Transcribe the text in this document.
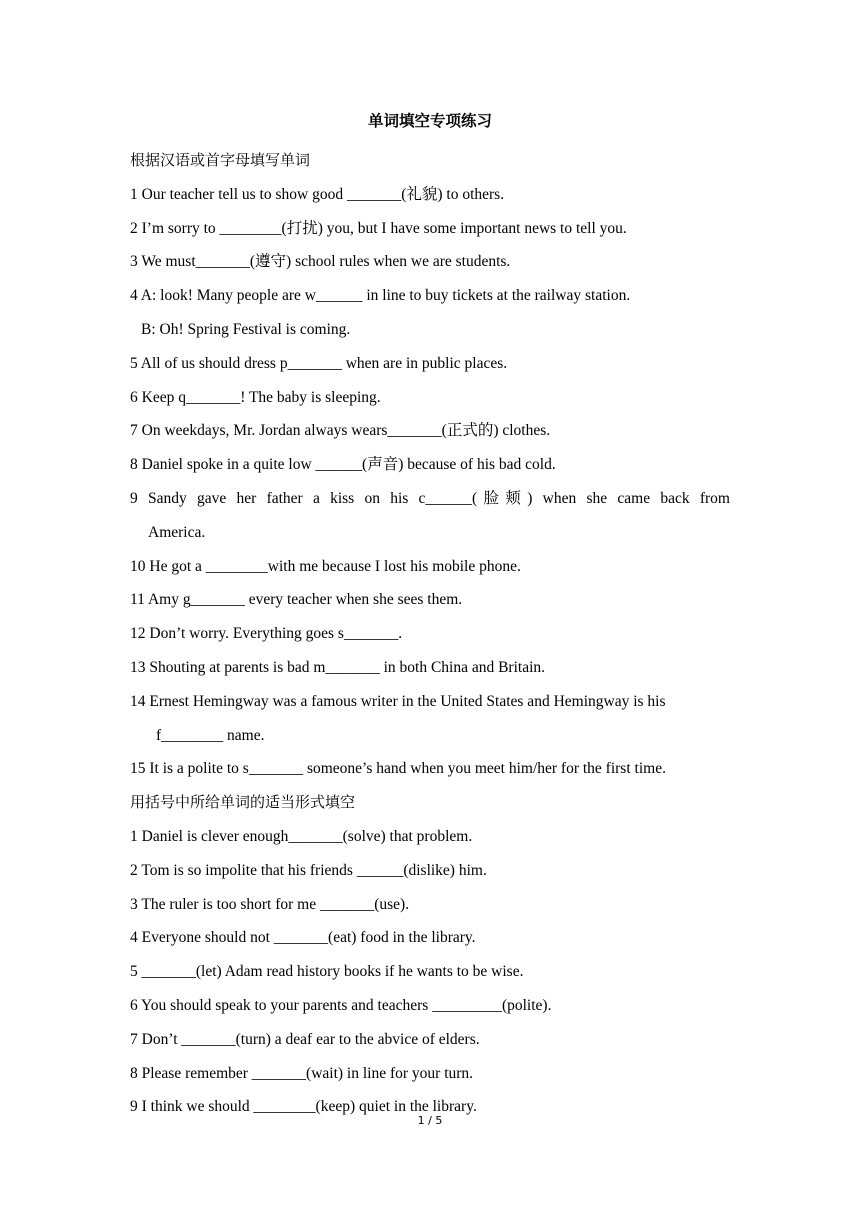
单词填空专项练习
根据汉语或首字母填写单词
1 Our teacher tell us to show good _______(礼貌) to others.
2 I’m sorry to ________(打扰) you, but I have some important news to tell you.
3 We must_______(遵守) school rules when we are students.
4 A: look! Many people are w______ in line to buy tickets at the railway station.
B: Oh! Spring Festival is coming.
5 All of us should dress p_______ when are in public places.
6 Keep q_______! The baby is sleeping.
7 On weekdays, Mr. Jordan always wears_______(正式的) clothes.
8 Daniel spoke in a quite low ______(声音) because of his bad cold.
9 Sandy gave her father a kiss on his c______(脸颊) when she came back from
America.
10 He got a ________with me because I lost his mobile phone.
11 Amy g_______ every teacher when she sees them.
12 Don’t worry. Everything goes s_______.
13 Shouting at parents is bad m_______ in both China and Britain.
14 Ernest Hemingway was a famous writer in the United States and Hemingway is his
f________ name.
15 It is a polite to s_______ someone’s hand when you meet him/her for the first time.
用括号中所给单词的适当形式填空
1 Daniel is clever enough_______(solve) that problem.
2 Tom is so impolite that his friends ______(dislike) him.
3 The ruler is too short for me _______(use).
4 Everyone should not _______(eat) food in the library.
5 _______(let) Adam read history books if he wants to be wise.
6 You should speak to your parents and teachers _________(polite).
7 Don’t _______(turn) a deaf ear to the abvice of elders.
8 Please remember _______(wait) in line for your turn.
9 I think we should ________(keep) quiet in the library.
1 / 5
